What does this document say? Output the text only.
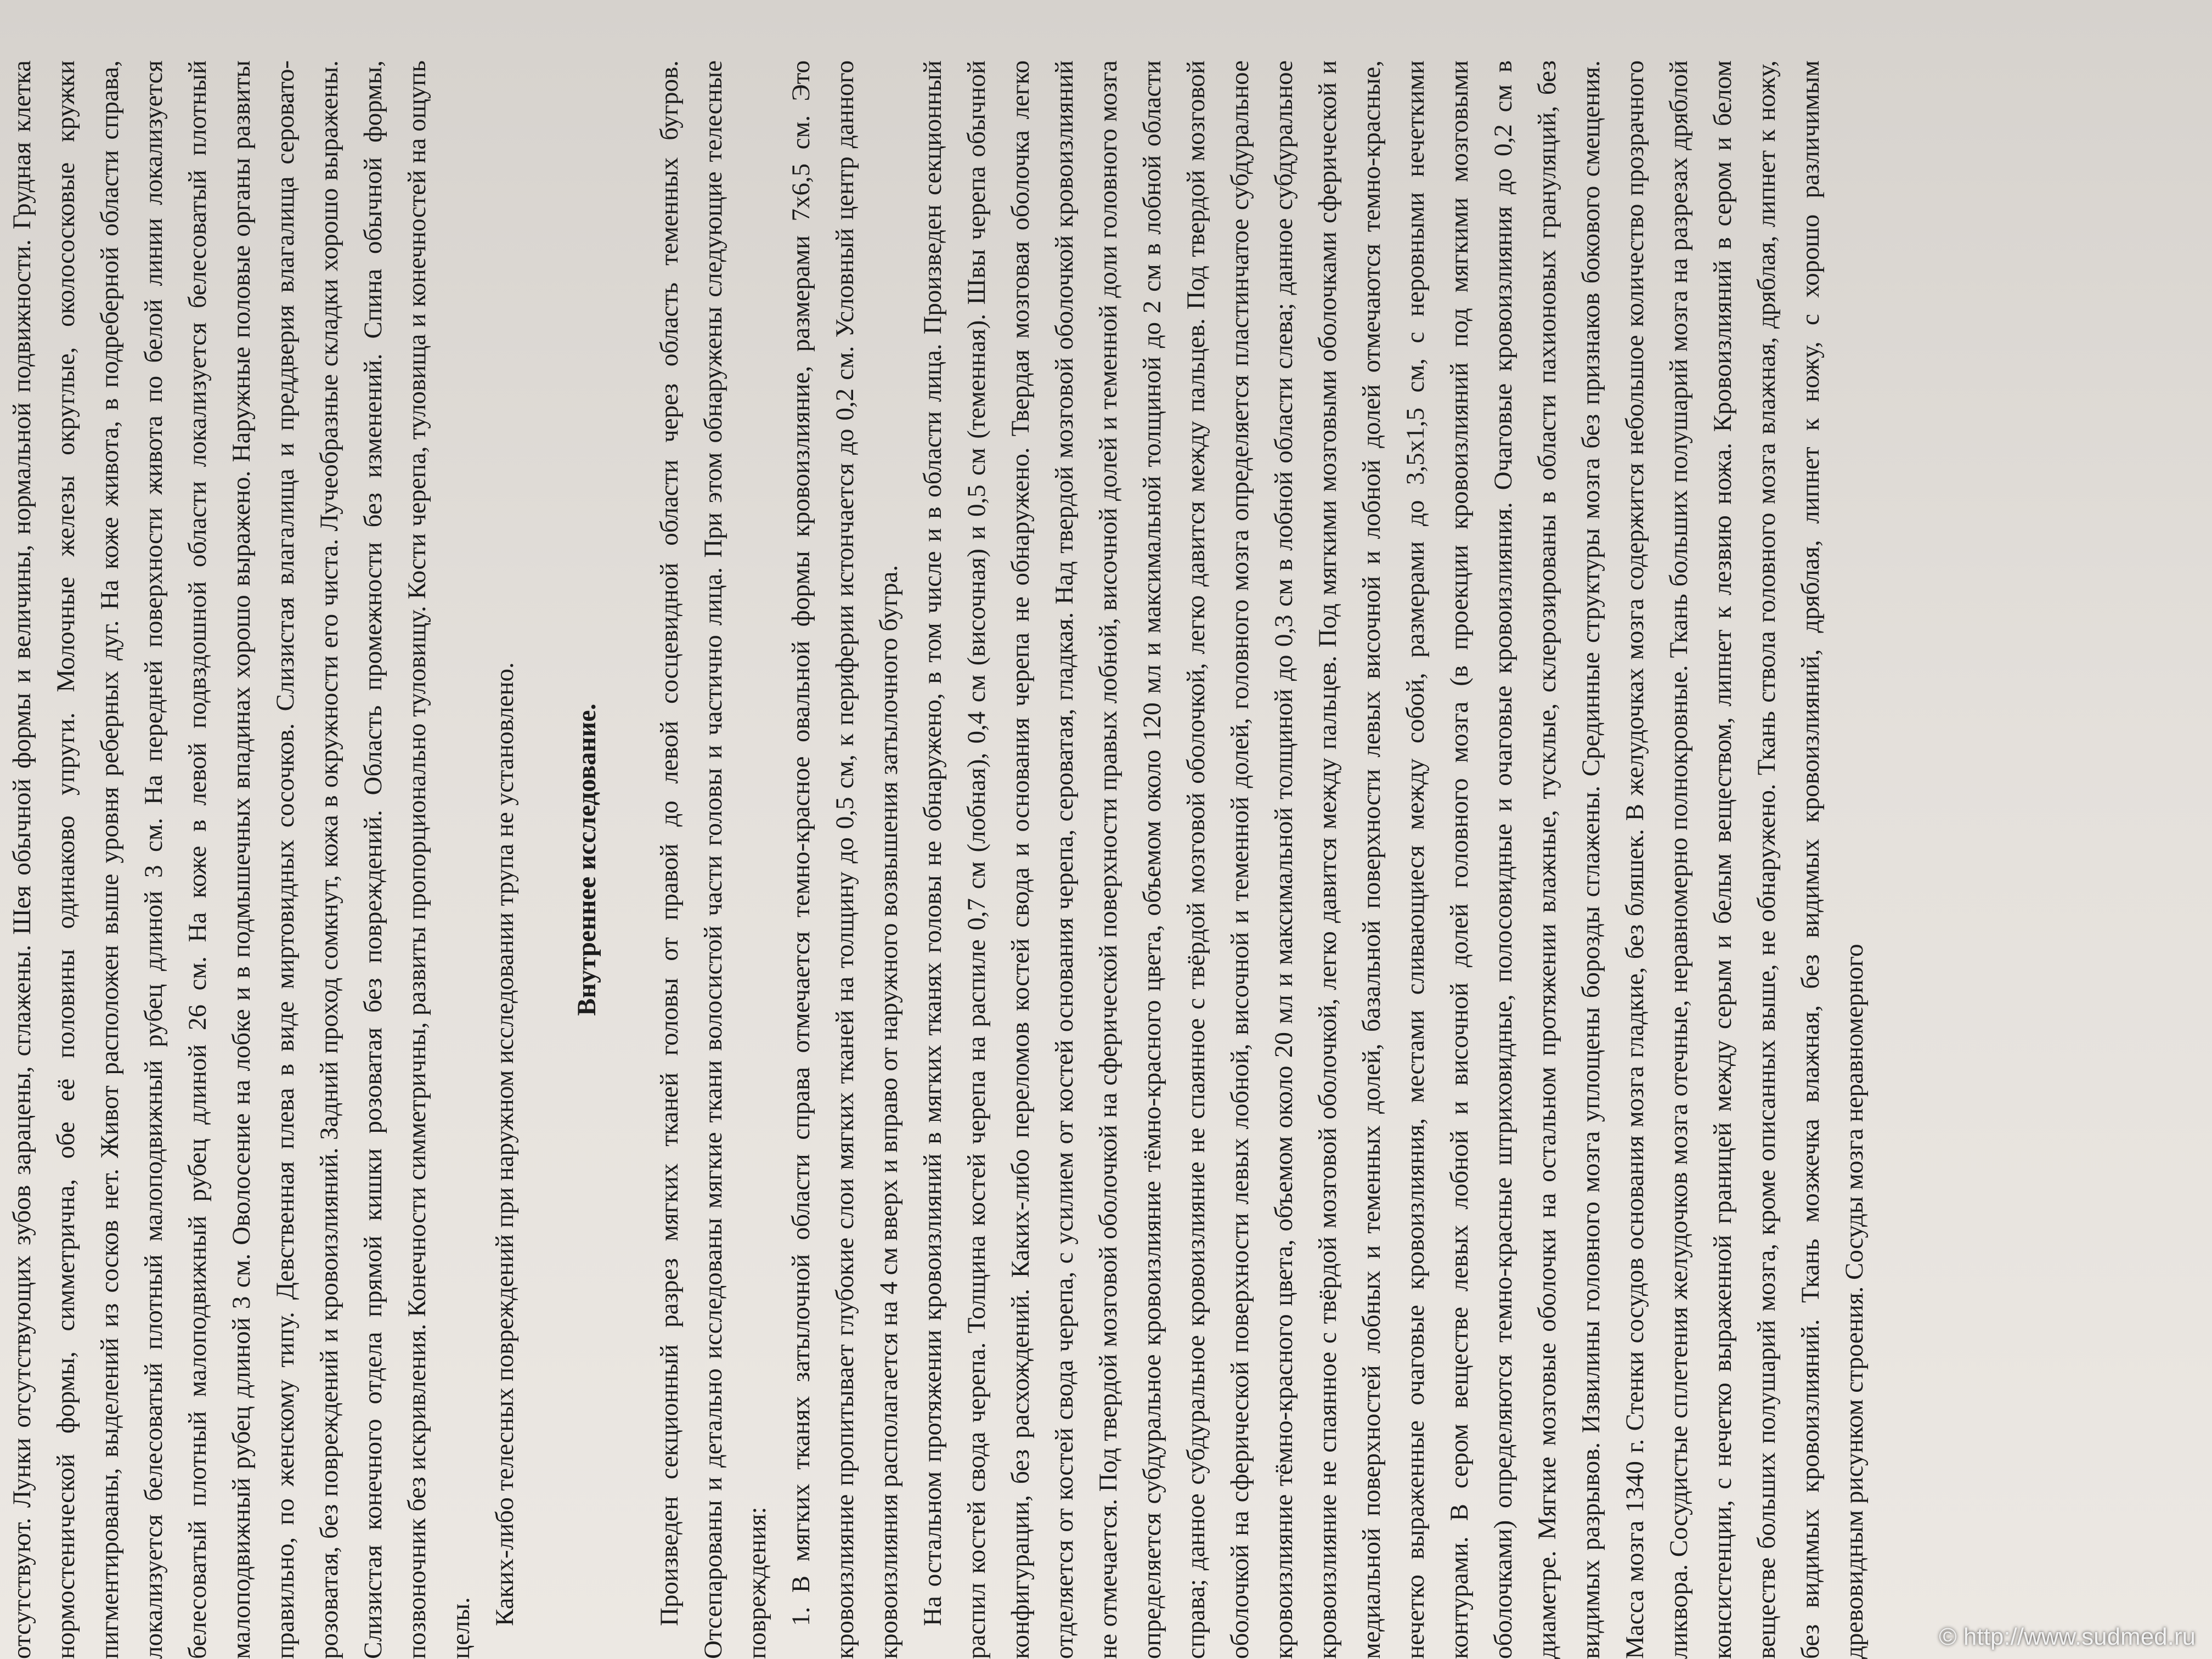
отсутствуют. Лунки отсутствующих зубов зарацены, сглажены. Шея обычной формы и величины, нормальной подвижности. Грудная клетка нормостенической формы, симметрична, обе её половины одинаково упруги. Молочные железы округлые, околососковые кружки пигментированы, выделений из сосков нет. Живот расположен выше уровня реберных дуг. На коже живота, в подреберной области справа, локализуется белесоватый плотный малоподвижный рубец длиной 3 см. На передней поверхности живота по белой линии локализуется белесоватый плотный малоподвижный рубец длиной 26 см. На коже в левой подвздошной области локализуется белесоватый плотный малоподвижный рубец длиной 3 см. Оволосение на лобке и в подмышечных впадинах хорошо выражено. Наружные половые органы развиты правильно, по женскому типу. Девственная плева в виде миртовидных сосочков. Слизистая влагалища и преддверия влагалища серовато-розоватая, без повреждений и кровоизлияний. Задний проход сомкнут, кожа в окружности его чиста. Лучеобразные складки хорошо выражены. Слизистая конечного отдела прямой кишки розоватая без повреждений. Область промежности без изменений. Спина обычной формы, позвоночник без искривления. Конечности симметричны, развиты пропорционально туловищу. Кости черепа, туловища и конечностей на ощупь целы.

Каких-либо телесных повреждений при наружном исследовании трупа не установлено. Внутреннее исследование. Произведен секционный разрез мягких тканей головы от правой до левой сосцевидной области через область теменных бугров. Отсепарованы и детально исследованы мягкие ткани волосистой части головы и частично лица. При этом обнаружены следующие телесные повреждения: 1. В мягких тканях затылочной области справа отмечается темно-красное овальной формы кровоизлияние, размерами 7х6,5 см. Это кровоизлияние пропитывает глубокие слои мягких тканей на толщину до 0,5 см, к периферии истончается до 0,2 см. Условный центр данного кровоизлияния располагается на 4 см вверх и вправо от наружного возвышения затылочного бугра. На остальном протяжении кровоизлияний в мягких тканях головы не обнаружено, в том числе и в области лица. Произведен секционный распил костей свода черепа. Толщина костей черепа на распиле 0,7 см (лобная), 0,4 см (височная) и 0,5 см (теменная). Швы черепа обычной конфигурации, без расхождений. Каких-либо переломов костей свода и основания черепа не обнаружено. Твердая мозговая оболочка легко отделяется от костей свода черепа, с усилием от костей основания черепа, сероватая, гладкая. Над твердой мозговой оболочкой кровоизлияний не отмечается. Под твердой мозговой оболочкой на сферической поверхности правых лобной, височной долей и теменной доли головного мозга определяется субдуральное кровоизлияние тёмно-красного цвета, объемом около 120 мл и максимальной толщиной до 2 см в лобной области справа; данное субдуральное кровоизлияние не спаянное с твёрдой мозговой оболочкой, легко давится между пальцев. Под твердой мозговой оболочкой на сферической поверхности левых лобной, височной и теменной долей, головного мозга определяется пластинчатое субдуральное кровоизлияние тёмно-красного цвета, объемом около 20 мл и максимальной толщиной до 0,3 см в лобной области слева; данное субдуральное кровоизлияние не спаянное с твёрдой мозговой оболочкой, легко давится между пальцев. Под мягкими мозговыми оболочками сферической и медиальной поверхностей лобных и теменных долей, базальной поверхности левых височной и лобной долей отмечаются темно-красные, нечетко выраженные очаговые кровоизлияния, местами сливающиеся между собой, размерами до 3,5х1,5 см, с неровными нечеткими контурами. В сером веществе левых лобной и височной долей головного мозга (в проекции кровоизлияний под мягкими мозговыми оболочками) определяются темно-красные штриховидные, полосовидные и очаговые кровоизлияния. Очаговые кровоизлияния до 0,2 см в диаметре. Мягкие мозговые оболочки на остальном протяжении влажные, тусклые, склерозированы в области пахионовых грануляций, без видимых разрывов. Извилины головного мозга уплощены борозды сглажены. Срединные структуры мозга без признаков бокового смещения. Масса мозга 1340 г. Стенки сосудов основания мозга гладкие, без бляшек. В желудочках мозга содержится небольшое количество прозрачного ликвора. Сосудистые сплетения желудочков мозга отечные, неравномерно полнокровные. Ткань больших полушарий мозга на разрезах дряблой консистенции, с нечетко выраженной границей между серым и белым веществом, липнет к лезвию ножа. Кровоизлияний в сером и белом веществе больших полушарий мозга, кроме описанных выше, не обнаружено. Ткань ствола головного мозга влажная, дряблая, липнет к ножу, без видимых кровоизлияний. Ткань мозжечка влажная, без видимых кровоизлияний, дряблая, липнет к ножу, с хорошо различимым древовидным рисунком строения. Сосуды мозга неравномерного	© http://www.sudmed.ru
